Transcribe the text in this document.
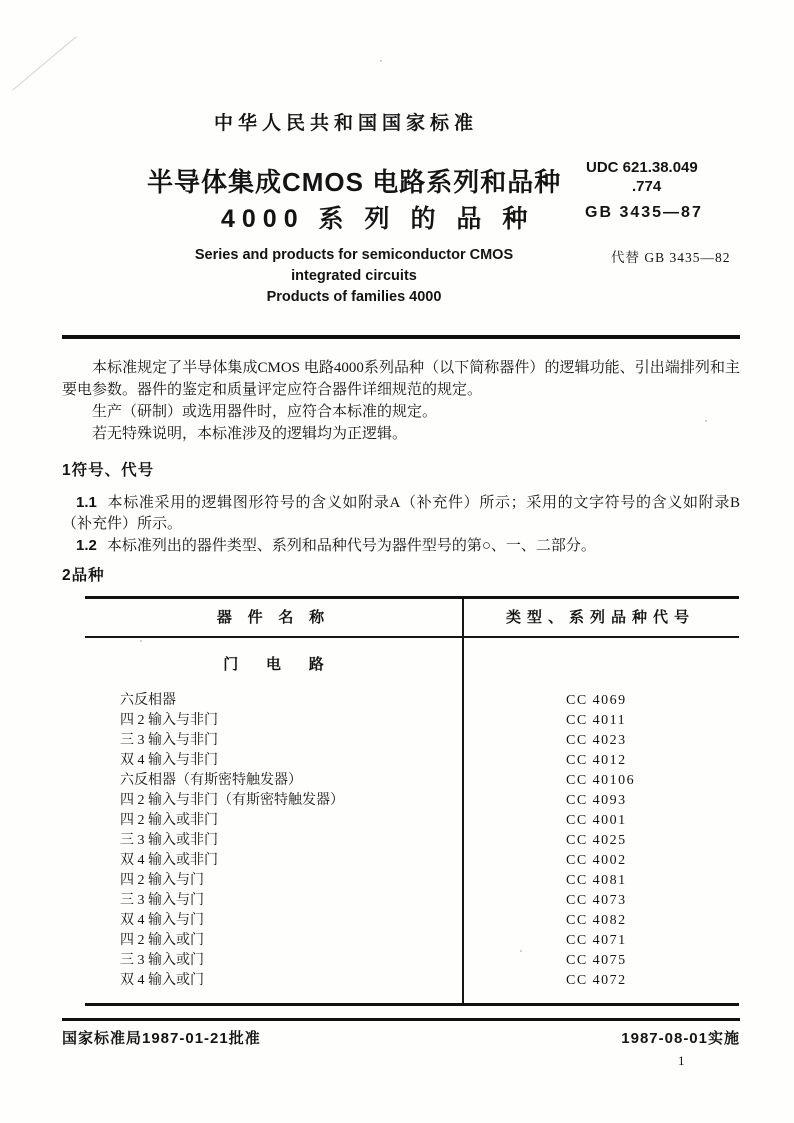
中华人民共和国国家标准
半导体集成CMOS 电路系列和品种
4000 系 列 的 品 种
UDC 621.38.049
.774
GB 3435—87
Series and products for semiconductor CMOS
integrated circuits
Products of families 4000
代替 GB 3435—82

本标准规定了半导体集成CMOS 电路4000系列品种（以下简称器件）的逻辑功能、引出端排列和主要电参数。器件的鉴定和质量评定应符合器件详细规范的规定。

生产（研制）或选用器件时，应符合本标准的规定。

若无特殊说明，本标准涉及的逻辑均为正逻辑。

1符号、代号

1.1 本标准采用的逻辑图形符号的含义如附录A（补充件）所示；采用的文字符号的含义如附录B（补充件）所示。

1.2 本标准列出的器件类型、系列和品种代号为器件型号的第○、一、二部分。

2品种

器 件 名 称	类型、系列品种代号
门 电 路
六反相器	CC 4069
四 2 输入与非门	CC 4011
三 3 输入与非门	CC 4023
双 4 输入与非门	CC 4012
六反相器（有斯密特触发器）	CC 40106
四 2 输入与非门（有斯密特触发器）	CC 4093
四 2 输入或非门	CC 4001
三 3 输入或非门	CC 4025
双 4 输入或非门	CC 4002
四 2 输入与门	CC 4081
三 3 输入与门	CC 4073
双 4 输入与门	CC 4082
四 2 输入或门	CC 4071
三 3 输入或门	CC 4075
双 4 输入或门	CC 4072
国家标准局1987-01-21批准	1987-08-01实施
1
